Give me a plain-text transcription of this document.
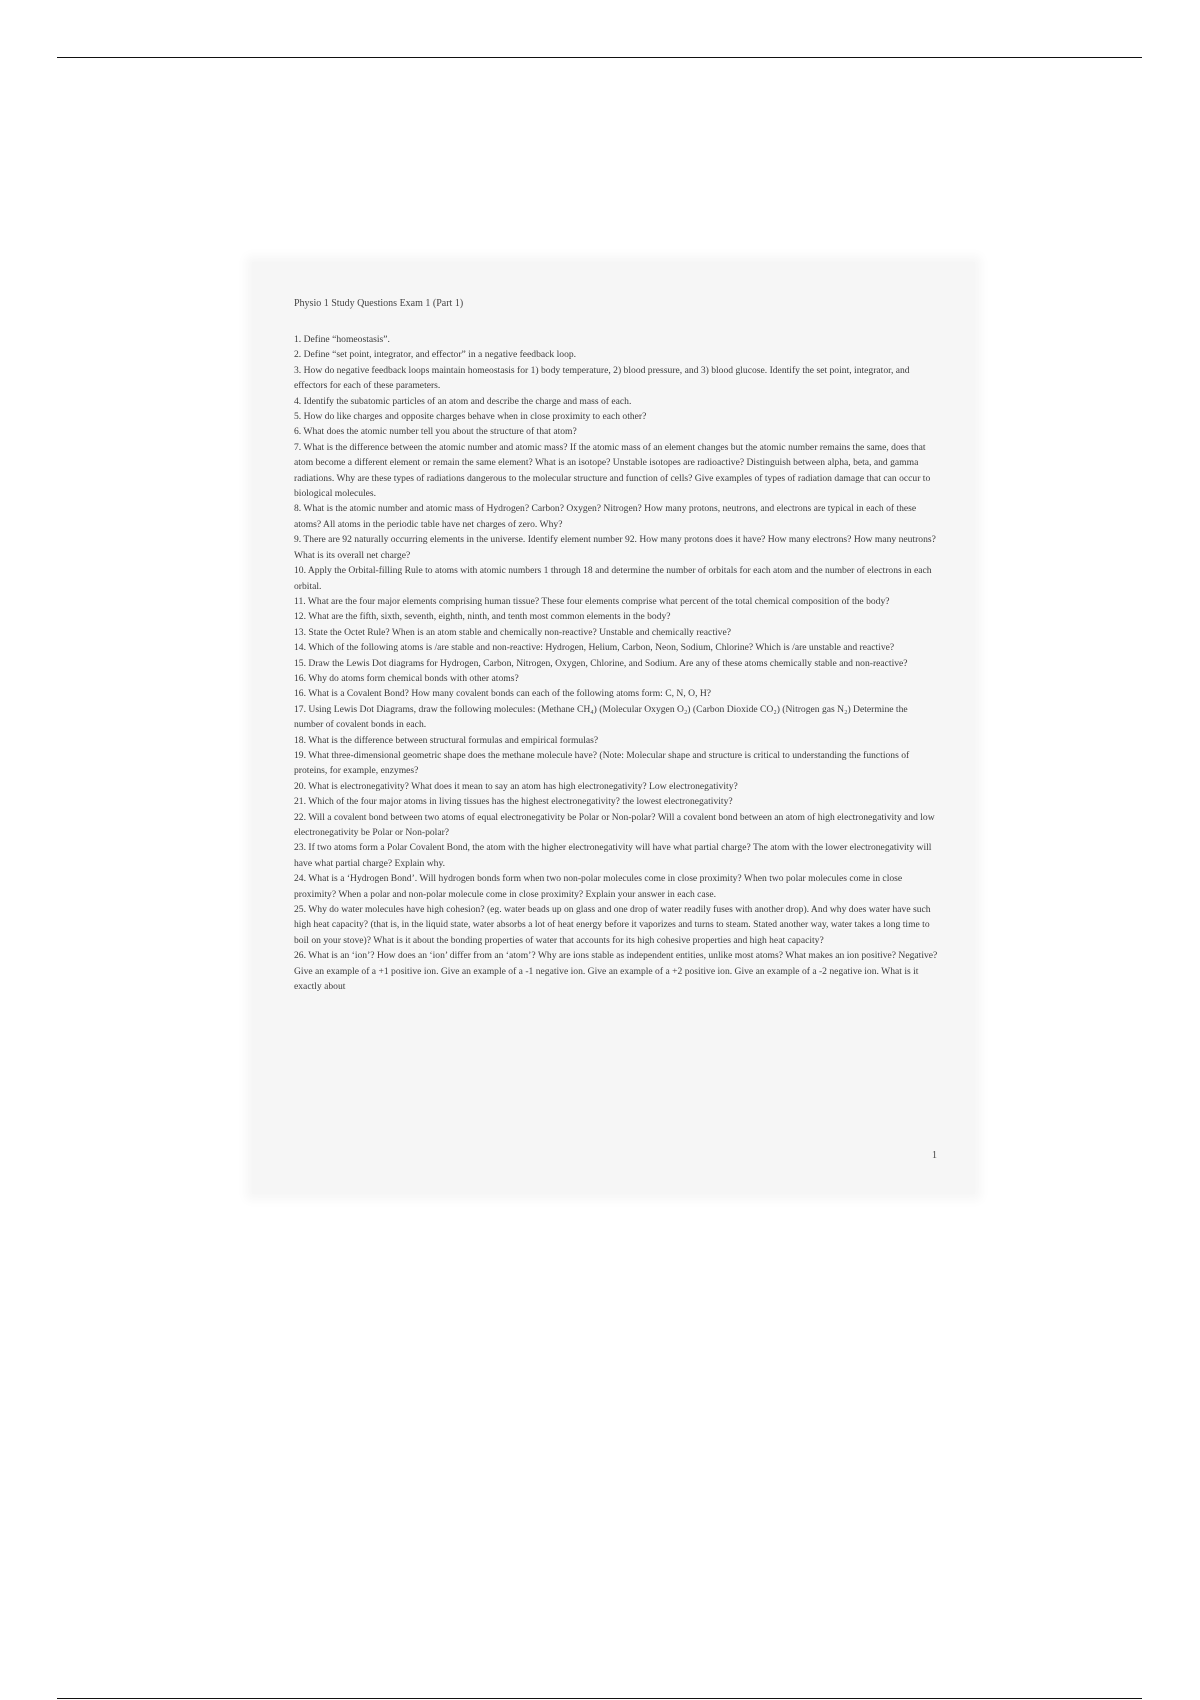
Physio 1 Study Questions Exam 1 (Part 1)
1. Define “homeostasis”.
2. Define “set point, integrator, and effector” in a negative feedback loop.
3. How do negative feedback loops maintain homeostasis for 1) body temperature, 2) blood pressure, and 3) blood glucose. Identify the set point, integrator, and effectors for each of these parameters.
4. Identify the subatomic particles of an atom and describe the charge and mass of each.
5. How do like charges and opposite charges behave when in close proximity to each other?
6. What does the atomic number tell you about the structure of that atom?
7. What is the difference between the atomic number and atomic mass? If the atomic mass of an element changes but the atomic number remains the same, does that atom become a different element or remain the same element? What is an isotope? Unstable isotopes are radioactive? Distinguish between alpha, beta, and gamma radiations. Why are these types of radiations dangerous to the molecular structure and function of cells? Give examples of types of radiation damage that can occur to biological molecules.
8. What is the atomic number and atomic mass of Hydrogen? Carbon? Oxygen? Nitrogen? How many protons, neutrons, and electrons are typical in each of these atoms? All atoms in the periodic table have net charges of zero. Why?
9. There are 92 naturally occurring elements in the universe. Identify element number 92. How many protons does it have? How many electrons? How many neutrons? What is its overall net charge?
10. Apply the Orbital-filling Rule to atoms with atomic numbers 1 through 18 and determine the number of orbitals for each atom and the number of electrons in each orbital.
11. What are the four major elements comprising human tissue? These four elements comprise what percent of the total chemical composition of the body?
12. What are the fifth, sixth, seventh, eighth, ninth, and tenth most common elements in the body?
13. State the Octet Rule? When is an atom stable and chemically non-reactive? Unstable and chemically reactive?
14. Which of the following atoms is /are stable and non-reactive: Hydrogen, Helium, Carbon, Neon, Sodium, Chlorine? Which is /are unstable and reactive?
15. Draw the Lewis Dot diagrams for Hydrogen, Carbon, Nitrogen, Oxygen, Chlorine, and Sodium. Are any of these atoms chemically stable and non-reactive?
16. Why do atoms form chemical bonds with other atoms?
16. What is a Covalent Bond? How many covalent bonds can each of the following atoms form: C, N, O, H?
17. Using Lewis Dot Diagrams, draw the following molecules: (Methane CH₄) (Molecular Oxygen O₂) (Carbon Dioxide CO₂) (Nitrogen gas N₂) Determine the number of covalent bonds in each.
18. What is the difference between structural formulas and empirical formulas?
19. What three-dimensional geometric shape does the methane molecule have? (Note: Molecular shape and structure is critical to understanding the functions of proteins, for example, enzymes?
20. What is electronegativity? What does it mean to say an atom has high electronegativity? Low electronegativity?
21. Which of the four major atoms in living tissues has the highest electronegativity? the lowest electronegativity?
22. Will a covalent bond between two atoms of equal electronegativity be Polar or Non-polar? Will a covalent bond between an atom of high electronegativity and low electronegativity be Polar or Non-polar?
23. If two atoms form a Polar Covalent Bond, the atom with the higher electronegativity will have what partial charge? The atom with the lower electronegativity will have what partial charge? Explain why.
24. What is a ‘Hydrogen Bond’. Will hydrogen bonds form when two non-polar molecules come in close proximity? When two polar molecules come in close proximity? When a polar and non-polar molecule come in close proximity? Explain your answer in each case.
25. Why do water molecules have high cohesion? (eg. water beads up on glass and one drop of water readily fuses with another drop). And why does water have such high heat capacity? (that is, in the liquid state, water absorbs a lot of heat energy before it vaporizes and turns to steam. Stated another way, water takes a long time to boil on your stove)? What is it about the bonding properties of water that accounts for its high cohesive properties and high heat capacity?
26. What is an ‘ion’? How does an ‘ion’ differ from an ‘atom’? Why are ions stable as independent entities, unlike most atoms? What makes an ion positive? Negative? Give an example of a +1 positive ion. Give an example of a -1 negative ion. Give an example of a +2 positive ion. Give an example of a -2 negative ion. What is it exactly about
1
